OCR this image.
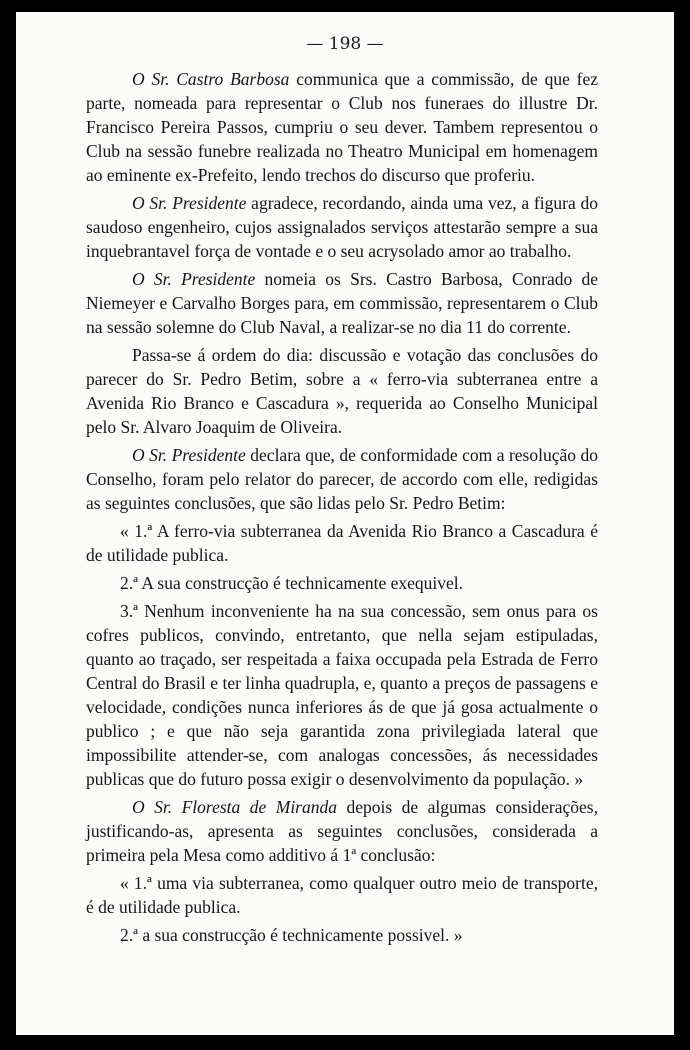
— 198 —

O Sr. Castro Barbosa communica que a commissão, de que fez parte, nomeada para representar o Club nos funeraes do illustre Dr. Francisco Pereira Passos, cumpriu o seu dever. Tambem representou o Club na sessão funebre realizada no Theatro Municipal em homenagem ao eminente ex-Prefeito, lendo trechos do discurso que proferiu.

O Sr. Presidente agradece, recordando, ainda uma vez, a figura do saudoso engenheiro, cujos assignalados serviços attestarão sempre a sua inquebrantavel força de vontade e o seu acrysolado amor ao trabalho.

O Sr. Presidente nomeia os Srs. Castro Barbosa, Conrado de Niemeyer e Carvalho Borges para, em commissão, representarem o Club na sessão solemne do Club Naval, a realizar-se no dia 11 do corrente.

Passa-se á ordem do dia: discussão e votação das conclusões do parecer do Sr. Pedro Betim, sobre a « ferro-via subterranea entre a Avenida Rio Branco e Cascadura », requerida ao Conselho Municipal pelo Sr. Alvaro Joaquim de Oliveira.

O Sr. Presidente declara que, de conformidade com a resolução do Conselho, foram pelo relator do parecer, de accordo com elle, redigidas as seguintes conclusões, que são lidas pelo Sr. Pedro Betim:

« 1.ª A ferro-via subterranea da Avenida Rio Branco a Cascadura é de utilidade publica.

2.ª A sua construcção é technicamente exequivel.

3.ª Nenhum inconveniente ha na sua concessão, sem onus para os cofres publicos, convindo, entretanto, que nella sejam estipuladas, quanto ao traçado, ser respeitada a faixa occupada pela Estrada de Ferro Central do Brasil e ter linha quadrupla, e, quanto a preços de passagens e velocidade, condições nunca inferiores ás de que já gosa actualmente o publico ; e que não seja garantida zona privilegiada lateral que impossibilite attender-se, com analogas concessões, ás necessidades publicas que do futuro possa exigir o desenvolvimento da população. »

O Sr. Floresta de Miranda depois de algumas considerações, justificando-as, apresenta as seguintes conclusões, considerada a primeira pela Mesa como additivo á 1ª conclusão:

« 1.ª uma via subterranea, como qualquer outro meio de transporte, é de utilidade publica.

2.ª a sua construcção é technicamente possivel. »
